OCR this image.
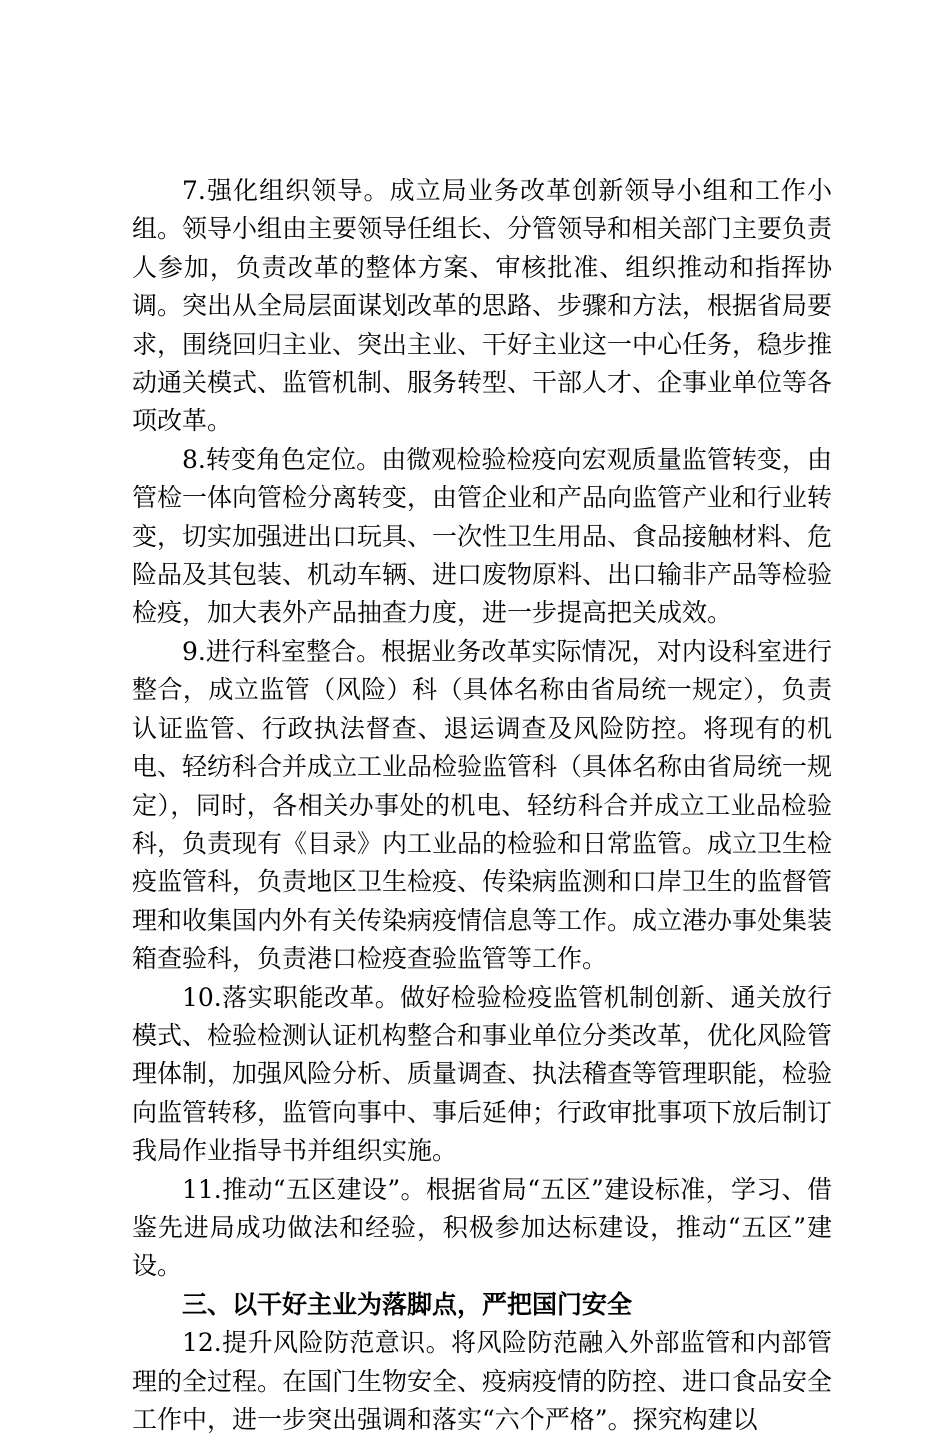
7.强化组织领导。成立局业务改革创新领导小组和工作小组。领导小组由主要领导任组长、分管领导和相关部门主要负责人参加，负责改革的整体方案、审核批准、组织推动和指挥协调。突出从全局层面谋划改革的思路、步骤和方法，根据省局要求，围绕回归主业、突出主业、干好主业这一中心任务，稳步推动通关模式、监管机制、服务转型、干部人才、企事业单位等各项改革。

8.转变角色定位。由微观检验检疫向宏观质量监管转变，由管检一体向管检分离转变，由管企业和产品向监管产业和行业转变，切实加强进出口玩具、一次性卫生用品、食品接触材料、危险品及其包装、机动车辆、进口废物原料、出口输非产品等检验检疫，加大表外产品抽查力度，进一步提高把关成效。

9.进行科室整合。根据业务改革实际情况，对内设科室进行整合，成立监管（风险）科（具体名称由省局统一规定），负责认证监管、行政执法督查、退运调查及风险防控。将现有的机电、轻纺科合并成立工业品检验监管科（具体名称由省局统一规定），同时，各相关办事处的机电、轻纺科合并成立工业品检验科，负责现有《目录》内工业品的检验和日常监管。成立卫生检疫监管科，负责地区卫生检疫、传染病监测和口岸卫生的监督管理和收集国内外有关传染病疫情信息等工作。成立港办事处集装箱查验科，负责港口检疫查验监管等工作。

10.落实职能改革。做好检验检疫监管机制创新、通关放行模式、检验检测认证机构整合和事业单位分类改革，优化风险管理体制，加强风险分析、质量调查、执法稽查等管理职能，检验向监管转移，监管向事中、事后延伸；行政审批事项下放后制订我局作业指导书并组织实施。

11.推动“五区建设”。根据省局“五区”建设标准，学习、借鉴先进局成功做法和经验，积极参加达标建设，推动“五区”建设。

三、以干好主业为落脚点，严把国门安全

12.提升风险防范意识。将风险防范融入外部监管和内部管理的全过程。在国门生物安全、疫病疫情的防控、进口食品安全工作中，进一步突出强调和落实“六个严格”。探究构建以
